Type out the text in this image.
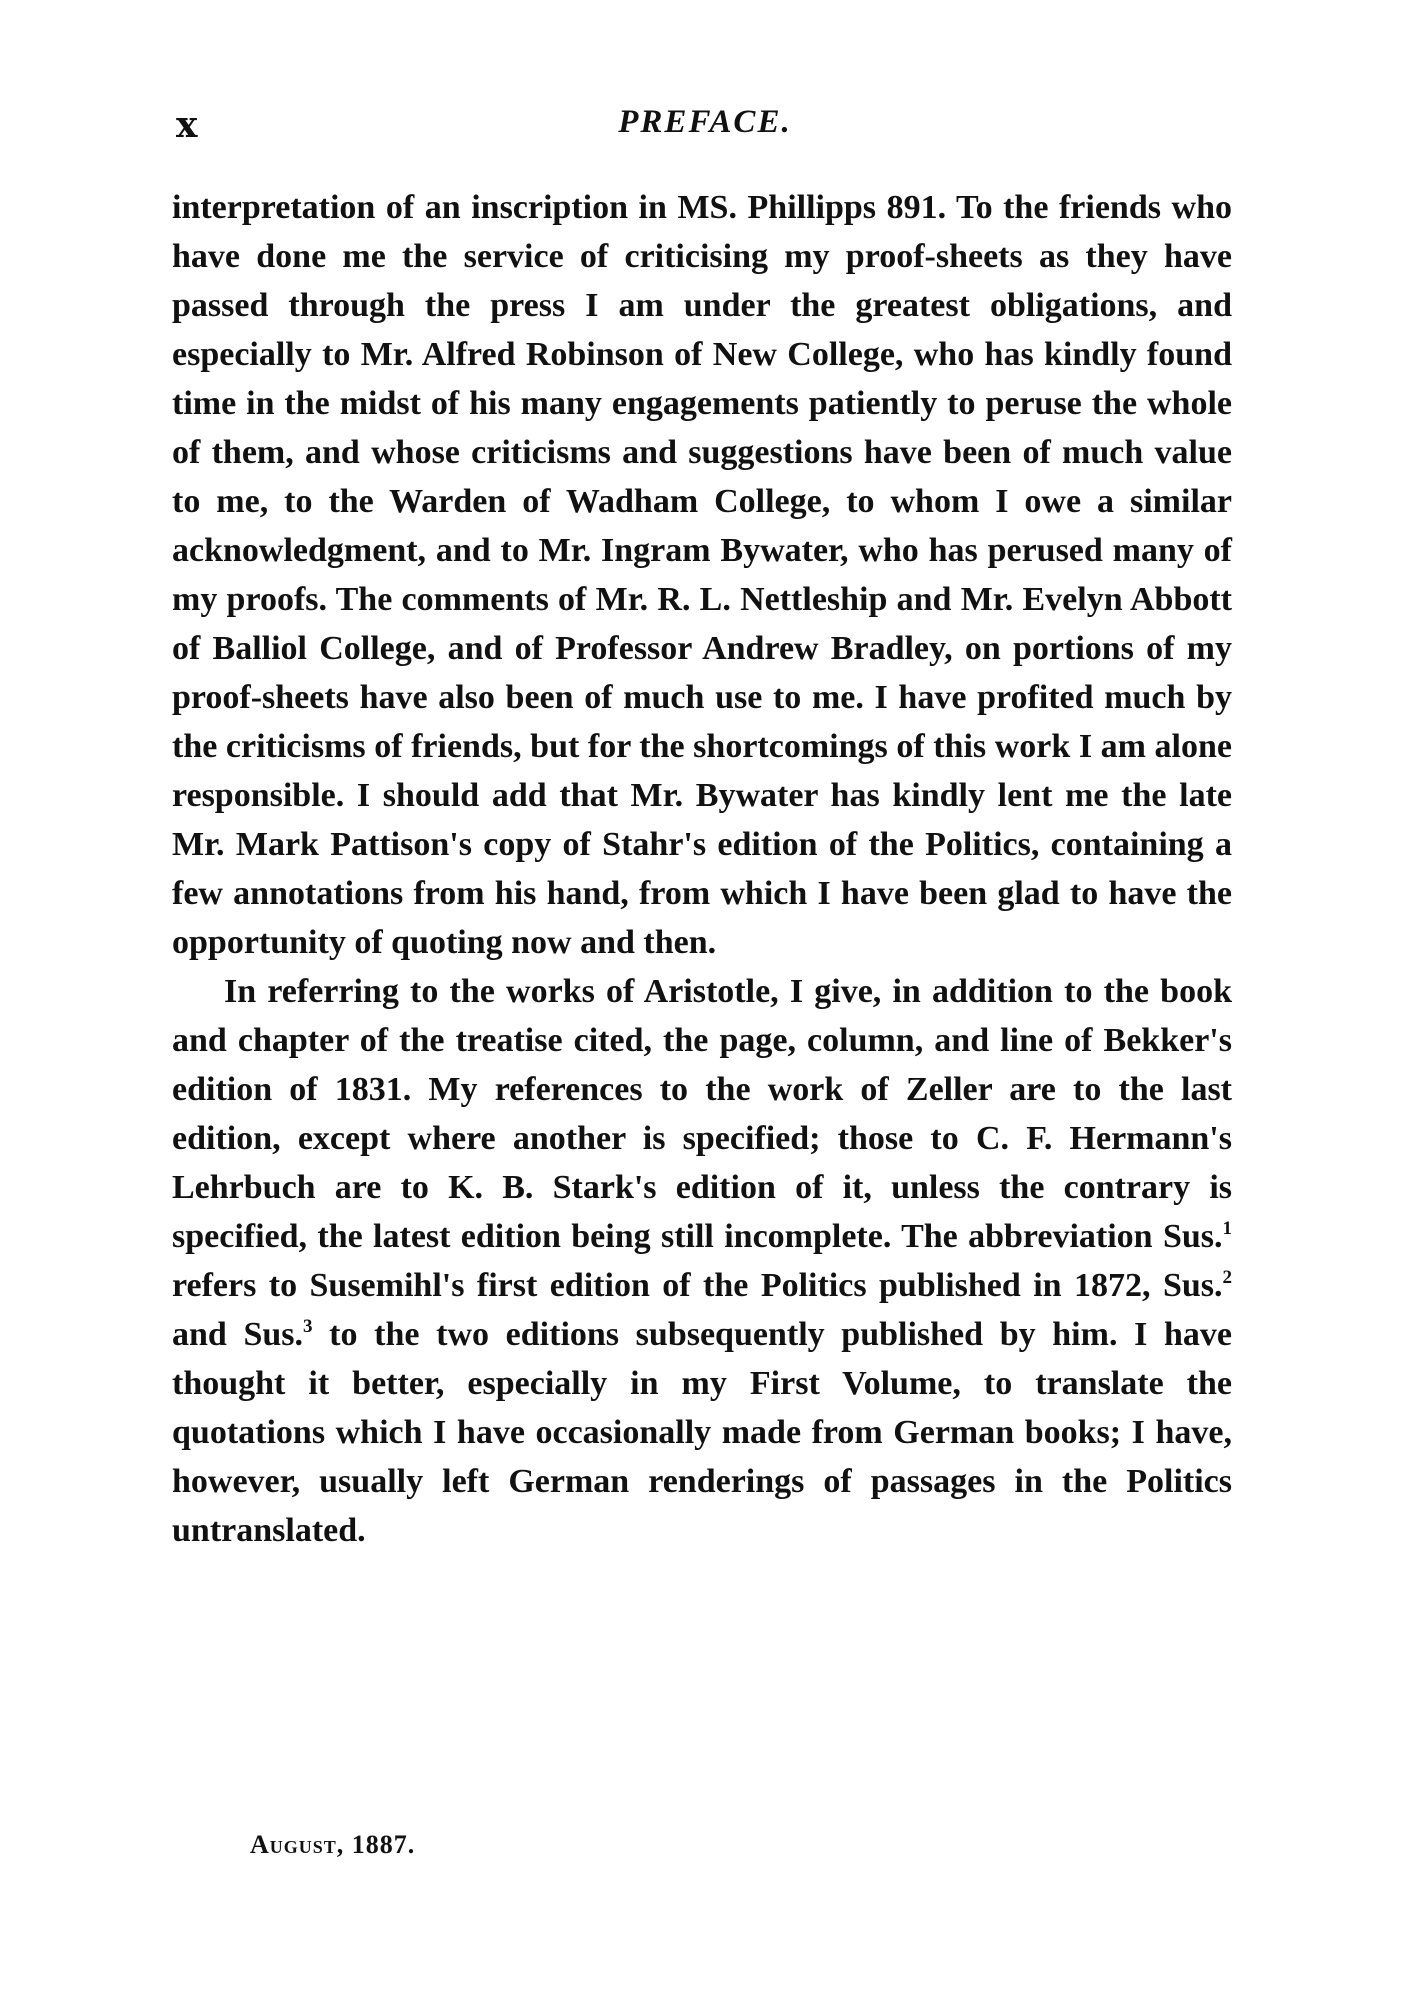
x	PREFACE.

interpretation of an inscription in MS. Phillipps 891. To the friends who have done me the service of criticising my proof-sheets as they have passed through the press I am under the greatest obligations, and especially to Mr. Alfred Robinson of New College, who has kindly found time in the midst of his many engagements patiently to peruse the whole of them, and whose criticisms and suggestions have been of much value to me, to the Warden of Wadham College, to whom I owe a similar acknowledgment, and to Mr. Ingram Bywater, who has perused many of my proofs. The comments of Mr. R. L. Nettleship and Mr. Evelyn Abbott of Balliol College, and of Professor Andrew Bradley, on portions of my proof-sheets have also been of much use to me. I have profited much by the criticisms of friends, but for the shortcomings of this work I am alone responsible. I should add that Mr. Bywater has kindly lent me the late Mr. Mark Pattison's copy of Stahr's edition of the Politics, containing a few annotations from his hand, from which I have been glad to have the opportunity of quoting now and then.

In referring to the works of Aristotle, I give, in addition to the book and chapter of the treatise cited, the page, column, and line of Bekker's edition of 1831. My references to the work of Zeller are to the last edition, except where another is specified; those to C. F. Hermann's Lehrbuch are to K. B. Stark's edition of it, unless the contrary is specified, the latest edition being still incomplete. The abbreviation Sus.$^1$ refers to Susemihl's first edition of the Politics published in 1872, Sus.$^2$ and Sus.$^3$ to the two editions subsequently published by him. I have thought it better, especially in my First Volume, to translate the quotations which I have occasionally made from German books; I have, however, usually left German renderings of passages in the Politics untranslated.

August, 1887.
